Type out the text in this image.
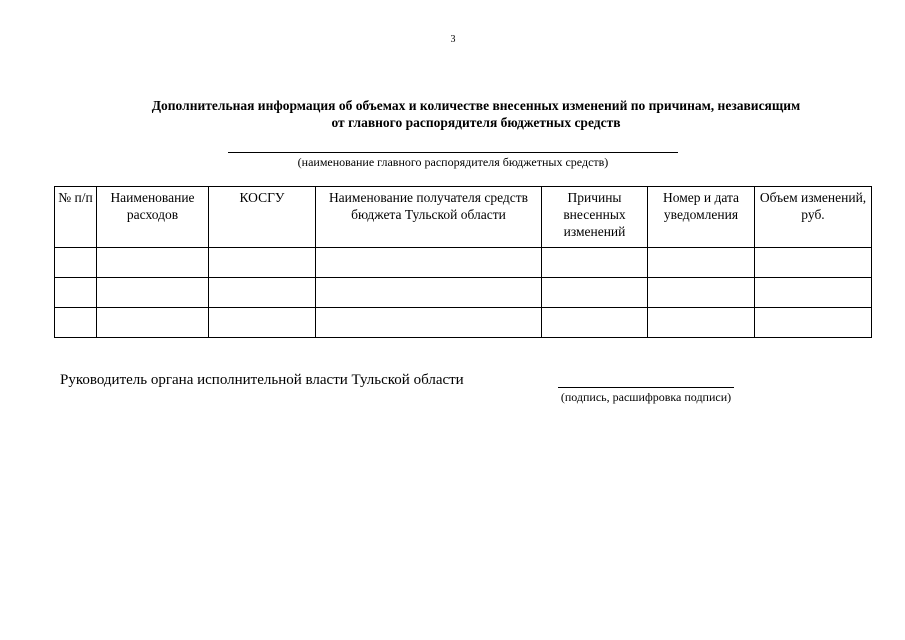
3
Дополнительная информация об объемах и количестве внесенных изменений по причинам, независящим
от главного распорядителя бюджетных средств
(наименование главного распорядителя бюджетных средств)
№ п/п	Наименование расходов	КОСГУ	Наименование получателя средств бюджета Тульской области	Причины внесенных изменений	Номер и дата уведомления	Объем изменений, руб.

Руководитель органа исполнительной власти Тульской области
(подпись, расшифровка подписи)
